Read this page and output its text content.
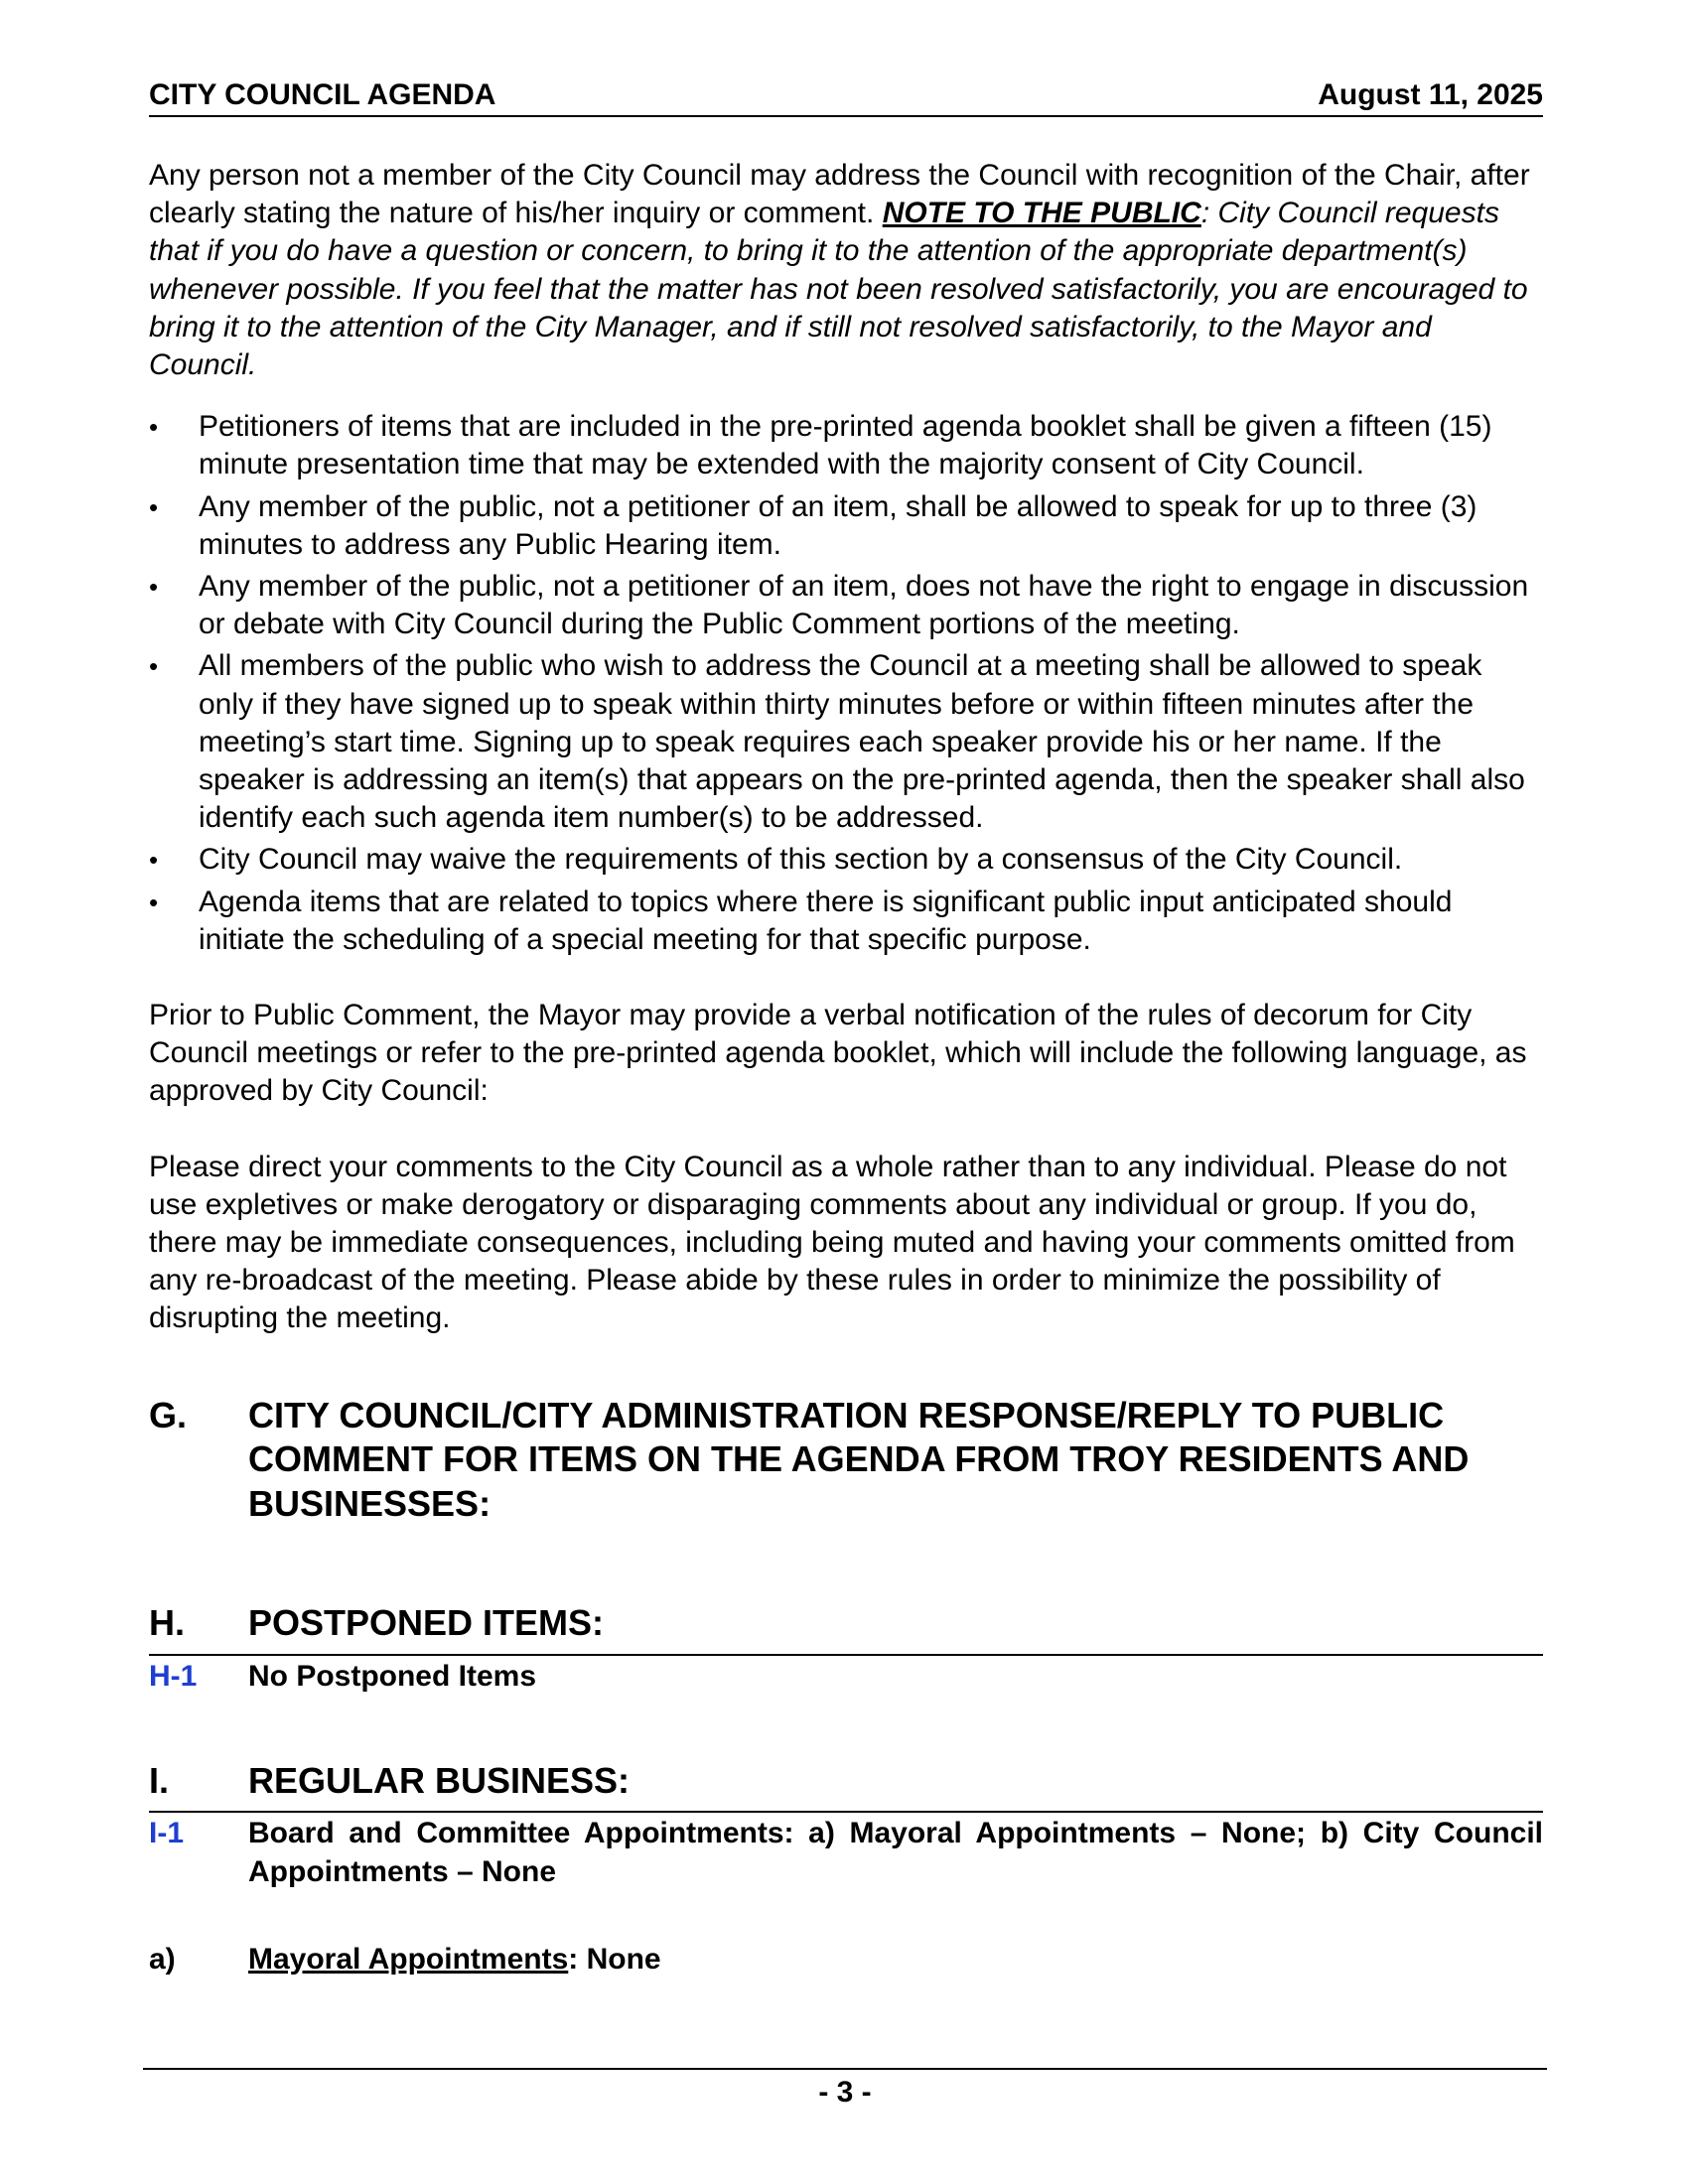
CITY COUNCIL AGENDA	August 11, 2025
Any person not a member of the City Council may address the Council with recognition of the Chair, after clearly stating the nature of his/her inquiry or comment. NOTE TO THE PUBLIC: City Council requests that if you do have a question or concern, to bring it to the attention of the appropriate department(s) whenever possible. If you feel that the matter has not been resolved satisfactorily, you are encouraged to bring it to the attention of the City Manager, and if still not resolved satisfactorily, to the Mayor and Council.
• Petitioners of items that are included in the pre-printed agenda booklet shall be given a fifteen (15) minute presentation time that may be extended with the majority consent of City Council.
• Any member of the public, not a petitioner of an item, shall be allowed to speak for up to three (3) minutes to address any Public Hearing item.
• Any member of the public, not a petitioner of an item, does not have the right to engage in discussion or debate with City Council during the Public Comment portions of the meeting.
• All members of the public who wish to address the Council at a meeting shall be allowed to speak only if they have signed up to speak within thirty minutes before or within fifteen minutes after the meeting’s start time. Signing up to speak requires each speaker provide his or her name. If the speaker is addressing an item(s) that appears on the pre-printed agenda, then the speaker shall also identify each such agenda item number(s) to be addressed.
• City Council may waive the requirements of this section by a consensus of the City Council.
• Agenda items that are related to topics where there is significant public input anticipated should initiate the scheduling of a special meeting for that specific purpose.
Prior to Public Comment, the Mayor may provide a verbal notification of the rules of decorum for City Council meetings or refer to the pre-printed agenda booklet, which will include the following language, as approved by City Council:
Please direct your comments to the City Council as a whole rather than to any individual. Please do not use expletives or make derogatory or disparaging comments about any individual or group. If you do, there may be immediate consequences, including being muted and having your comments omitted from any re-broadcast of the meeting. Please abide by these rules in order to minimize the possibility of disrupting the meeting.
G.	CITY COUNCIL/CITY ADMINISTRATION RESPONSE/REPLY TO PUBLIC COMMENT FOR ITEMS ON THE AGENDA FROM TROY RESIDENTS AND BUSINESSES:
H.	POSTPONED ITEMS:
H-1	No Postponed Items
I.	REGULAR BUSINESS:
I-1	Board and Committee Appointments: a) Mayoral Appointments – None; b) City Council Appointments – None
a)	Mayoral Appointments: None
- 3 -
